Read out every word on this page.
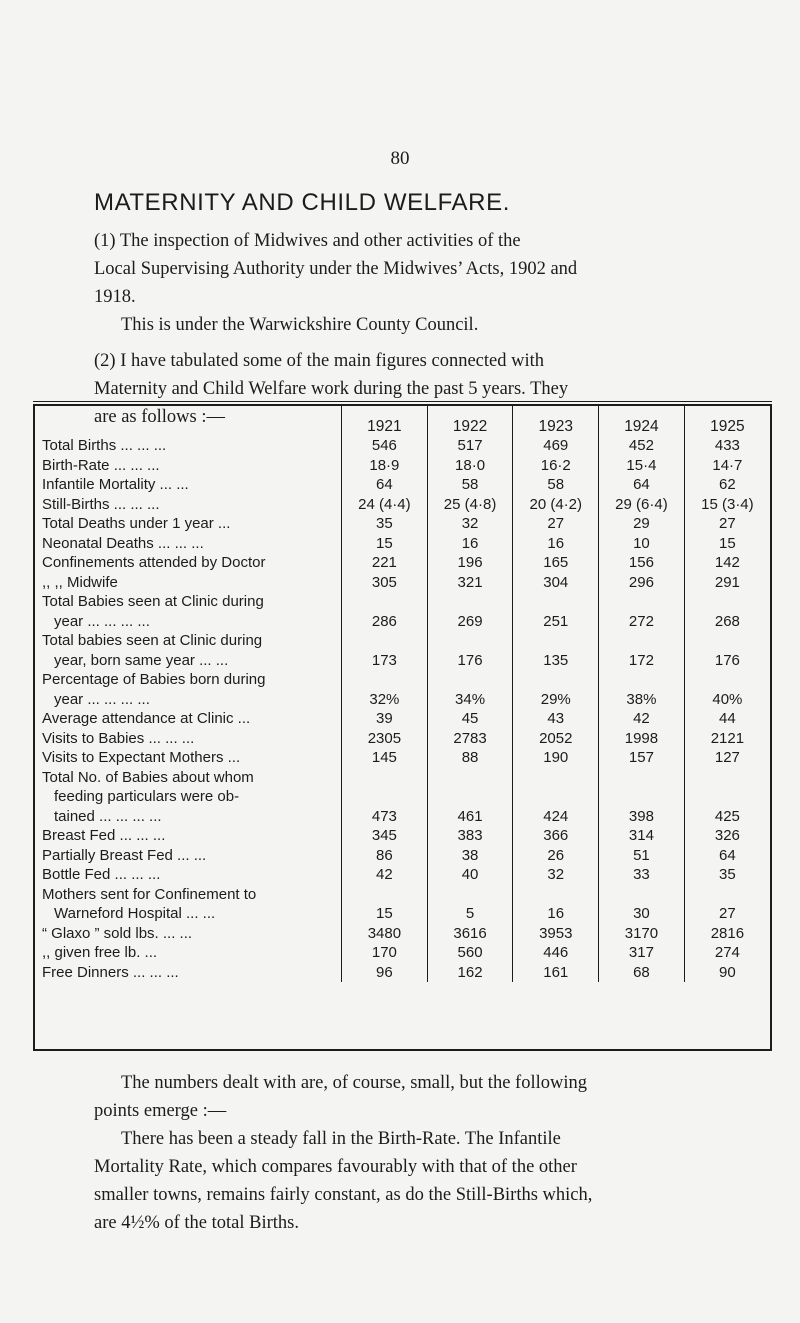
80
MATERNITY AND CHILD WELFARE.
(1) The inspection of Midwives and other activities of the
Local Supervising Authority under the Midwives’ Acts, 1902 and
1918.
This is under the Warwickshire County Council.
(2) I have tabulated some of the main figures connected with
Maternity and Child Welfare work during the past 5 years. They
are as follows :—
		1921	1922	1923	1924	1925

Total Births ... ... ...	546	517	469	452	433

Birth-Rate ... ... ...	18·9	18·0	16·2	15·4	14·7

Infantile Mortality ... ...	64	58	58	64	62

Still-Births ... ... ...	24 (4·4)	25 (4·8)	20 (4·2)	29 (6·4)	15 (3·4)

Total Deaths under 1 year ...	35	32	27	29	27

Neonatal Deaths ... ... ...	15	16	16	10	15

Confinements attended by Doctor	221	196	165	156	142

,, ,, Midwife	305	321	304	296	291

Total Babies seen at Clinic during
year ... ... ... ...	286	269	251	272	268

Total babies seen at Clinic during
year, born same year ... ...	173	176	135	172	176

Percentage of Babies born during
year ... ... ... ...	32%	34%	29%	38%	40%

Average attendance at Clinic ...	39	45	43	42	44

Visits to Babies ... ... ...	2305	2783	2052	1998	2121

Visits to Expectant Mothers ...	145	88	190	157	127

Total No. of Babies about whom
feeding particulars were ob-
tained ... ... ... ...	473	461	424	398	425

Breast Fed ... ... ...	345	383	366	314	326

Partially Breast Fed ... ...	86	38	26	51	64

Bottle Fed ... ... ...	42	40	32	33	35

Mothers sent for Confinement to
Warneford Hospital ... ...	15	5	16	30	27

“ Glaxo ” sold lbs. ... ...	3480	3616	3953	3170	2816

,, given free lb. ...	170	560	446	317	274

Free Dinners ... ... ...	96	162	161	68	90
The numbers dealt with are, of course, small, but the following
points emerge :—
There has been a steady fall in the Birth-Rate. The Infantile
Mortality Rate, which compares favourably with that of the other
smaller towns, remains fairly constant, as do the Still-Births which,
are 4½% of the total Births.
